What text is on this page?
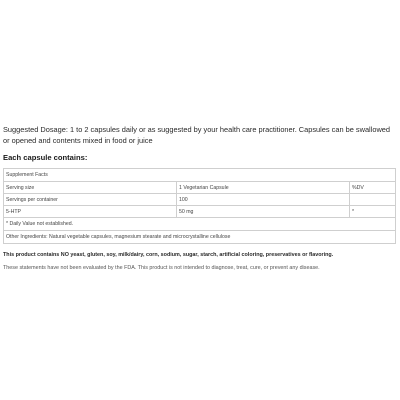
Suggested Dosage: 1 to 2 capsules daily or as suggested by your health care practitioner. Capsules can be swallowed or opened and contents mixed in food or juice

Each capsule contains:

Supplement Facts		
Serving size	1 Vegetarian Capsule	%DV
Servings per container	100	
5-HTP	50 mg	*
* Daily Value not established.		
Other Ingredients: Natural vegetable capsules, magnesium stearate and microcrystalline cellulose		

This product contains NO yeast, gluten, soy, milk/dairy, corn, sodium, sugar, starch, artificial coloring, preservatives or flavoring.

These statements have not been evaluated by the FDA. This product is not intended to diagnose, treat, cure, or prevent any disease.
